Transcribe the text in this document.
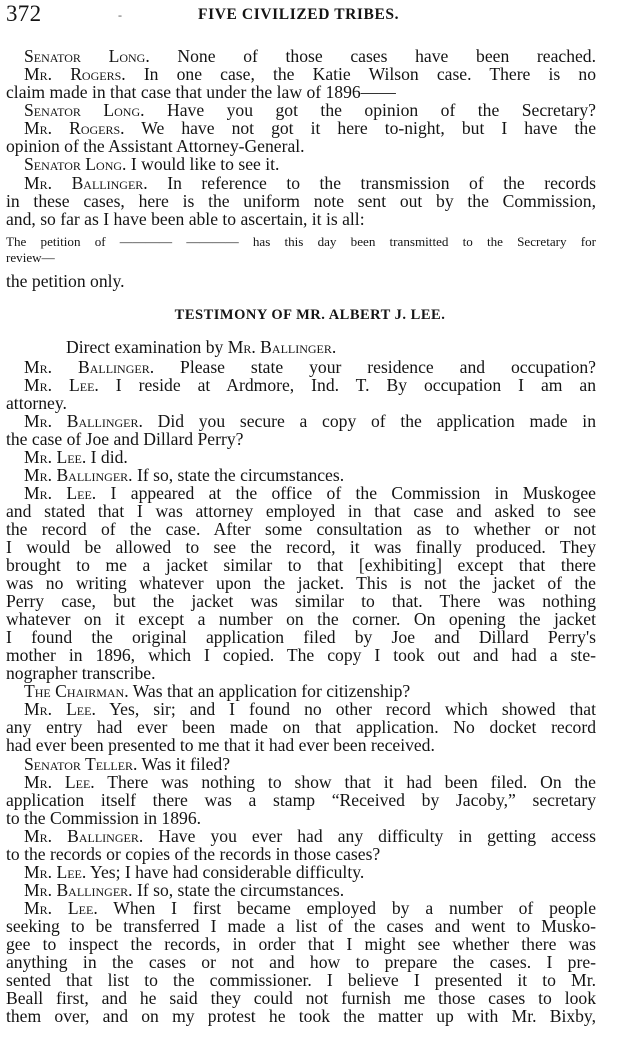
372	-	FIVE CIVILIZED TRIBES.
Senator Long. None of those cases have been reached.
Mr. Rogers. In one case, the Katie Wilson case. There is no
claim made in that case that under the law of 1896——
Senator Long. Have you got the opinion of the Secretary?
Mr. Rogers. We have not got it here to-night, but I have the
opinion of the Assistant Attorney-General.
Senator Long. I would like to see it.
Mr. Ballinger. In reference to the transmission of the records
in these cases, here is the uniform note sent out by the Commission,
and, so far as I have been able to ascertain, it is all:
The petition of ———— ———— has this day been transmitted to the Secretary for
review—
the petition only.
TESTIMONY OF MR. ALBERT J. LEE.
Direct examination by Mr. Ballinger.
Mr. Ballinger. Please state your residence and occupation?
Mr. Lee. I reside at Ardmore, Ind. T. By occupation I am an
attorney.
Mr. Ballinger. Did you secure a copy of the application made in
the case of Joe and Dillard Perry?
Mr. Lee. I did.
Mr. Ballinger. If so, state the circumstances.
Mr. Lee. I appeared at the office of the Commission in Muskogee
and stated that I was attorney employed in that case and asked to see
the record of the case. After some consultation as to whether or not
I would be allowed to see the record, it was finally produced. They
brought to me a jacket similar to that [exhibiting] except that there
was no writing whatever upon the jacket. This is not the jacket of the
Perry case, but the jacket was similar to that. There was nothing
whatever on it except a number on the corner. On opening the jacket
I found the original application filed by Joe and Dillard Perry's
mother in 1896, which I copied. The copy I took out and had a ste-
nographer transcribe.
The Chairman. Was that an application for citizenship?
Mr. Lee. Yes, sir; and I found no other record which showed that
any entry had ever been made on that application. No docket record
had ever been presented to me that it had ever been received.
Senator Teller. Was it filed?
Mr. Lee. There was nothing to show that it had been filed. On the
application itself there was a stamp “Received by Jacoby,” secretary
to the Commission in 1896.
Mr. Ballinger. Have you ever had any difficulty in getting access
to the records or copies of the records in those cases?
Mr. Lee. Yes; I have had considerable difficulty.
Mr. Ballinger. If so, state the circumstances.
Mr. Lee. When I first became employed by a number of people
seeking to be transferred I made a list of the cases and went to Musko-
gee to inspect the records, in order that I might see whether there was
anything in the cases or not and how to prepare the cases. I pre-
sented that list to the commissioner. I believe I presented it to Mr.
Beall first, and he said they could not furnish me those cases to look
them over, and on my protest he took the matter up with Mr. Bixby,
